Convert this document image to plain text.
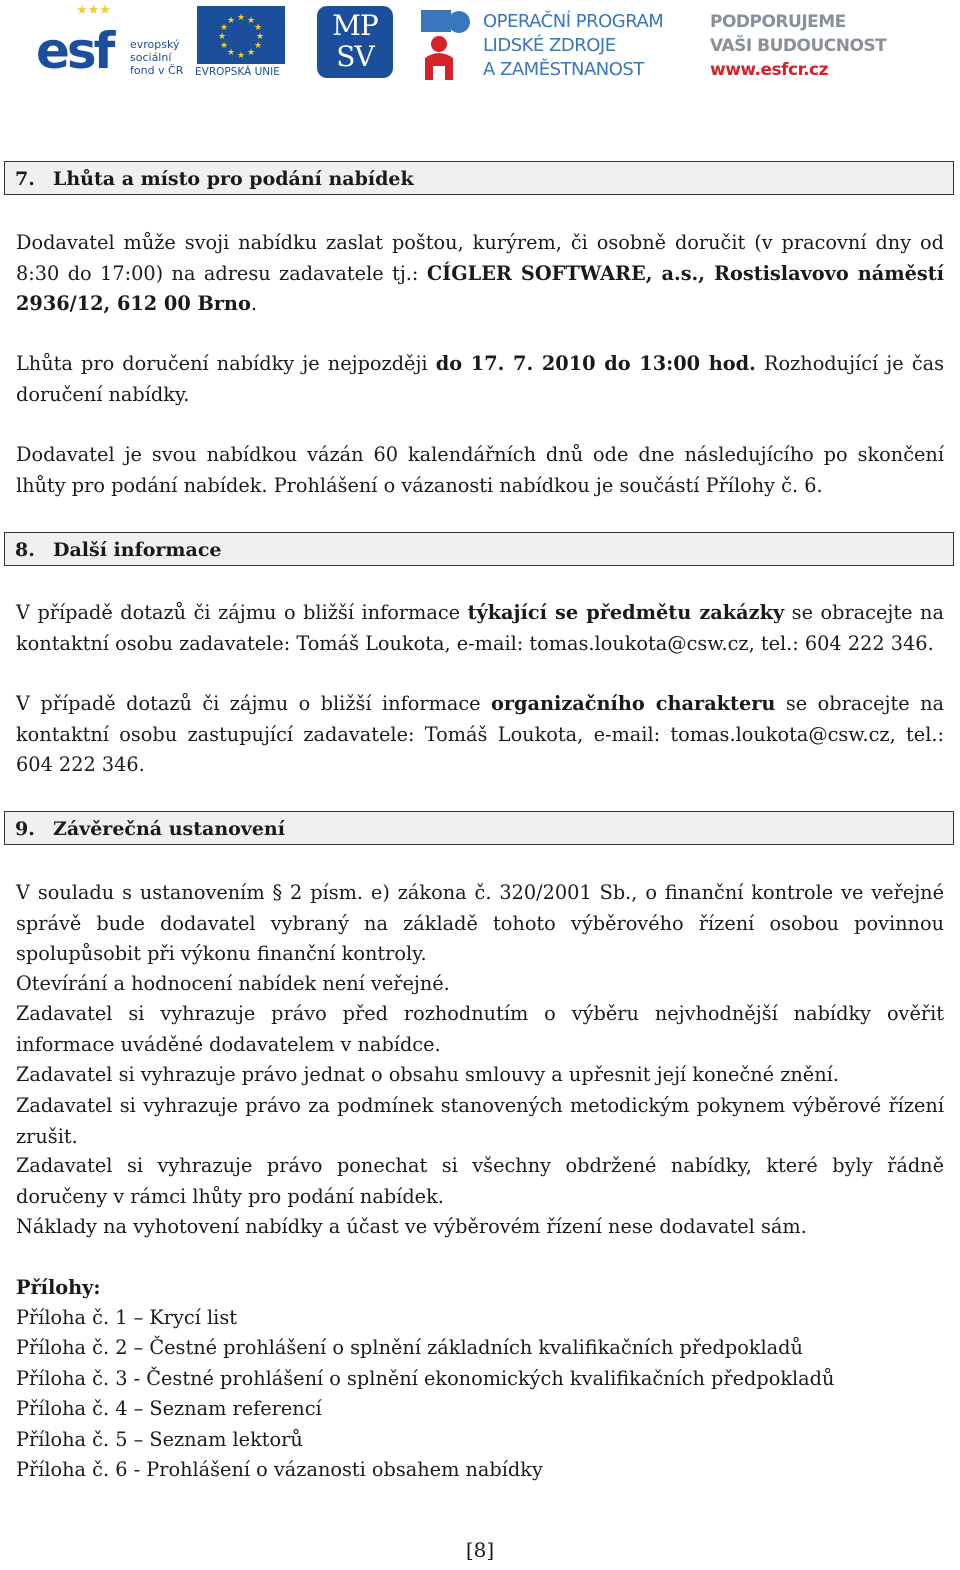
★★★
esf evropský
sociální
fond v ČR
★ ★
★
★
★
★
★
★
★
★
★
★
EVROPSKÁ UNIE
MP
SV
OPERAČNÍ PROGRAM
LIDSKÉ ZDROJE
A ZAMĚSTNANOST
PODPORUJEME
VAŠI BUDOUCNOST
www.esfcr.cz
7. Lhůta a místo pro podání nabídek

Dodavatel může svoji nabídku zaslat poštou, kurýrem, či osobně doručit (v pracovní dny od 8:30 do 17:00) na adresu zadavatele tj.: CÍGLER SOFTWARE, a.s., Rostislavovo náměstí 2936/12, 612 00 Brno.

Lhůta pro doručení nabídky je nejpozději do 17. 7. 2010 do 13:00 hod. Rozhodující je čas doručení nabídky.

Dodavatel je svou nabídkou vázán 60 kalendářních dnů ode dne následujícího po skončení lhůty pro podání nabídek. Prohlášení o vázanosti nabídkou je součástí Přílohy č. 6.

8. Další informace

V případě dotazů či zájmu o bližší informace týkající se předmětu zakázky se obracejte na kontaktní osobu zadavatele: Tomáš Loukota, e-mail: tomas.loukota@csw.cz, tel.: 604 222 346.

V případě dotazů či zájmu o bližší informace organizačního charakteru se obracejte na kontaktní osobu zastupující zadavatele: Tomáš Loukota, e-mail: tomas.loukota@csw.cz, tel.: 604 222 346.

9. Závěrečná ustanovení

V souladu s ustanovením § 2 písm. e) zákona č. 320/2001 Sb., o finanční kontrole ve veřejné správě bude dodavatel vybraný na základě tohoto výběrového řízení osobou povinnou spolupůsobit při výkonu finanční kontroly.

Otevírání a hodnocení nabídek není veřejné.

Zadavatel si vyhrazuje právo před rozhodnutím o výběru nejvhodnější nabídky ověřit informace uváděné dodavatelem v nabídce.

Zadavatel si vyhrazuje právo jednat o obsahu smlouvy a upřesnit její konečné znění.

Zadavatel si vyhrazuje právo za podmínek stanovených metodickým pokynem výběrové řízení zrušit.

Zadavatel si vyhrazuje právo ponechat si všechny obdržené nabídky, které byly řádně doručeny v rámci lhůty pro podání nabídek.

Náklady na vyhotovení nabídky a účast ve výběrovém řízení nese dodavatel sám.

Přílohy:

Příloha č. 1 – Krycí list

Příloha č. 2 – Čestné prohlášení o splnění základních kvalifikačních předpokladů

Příloha č. 3 - Čestné prohlášení o splnění ekonomických kvalifikačních předpokladů

Příloha č. 4 – Seznam referencí

Příloha č. 5 – Seznam lektorů

Příloha č. 6 - Prohlášení o vázanosti obsahem nabídky

[8]
